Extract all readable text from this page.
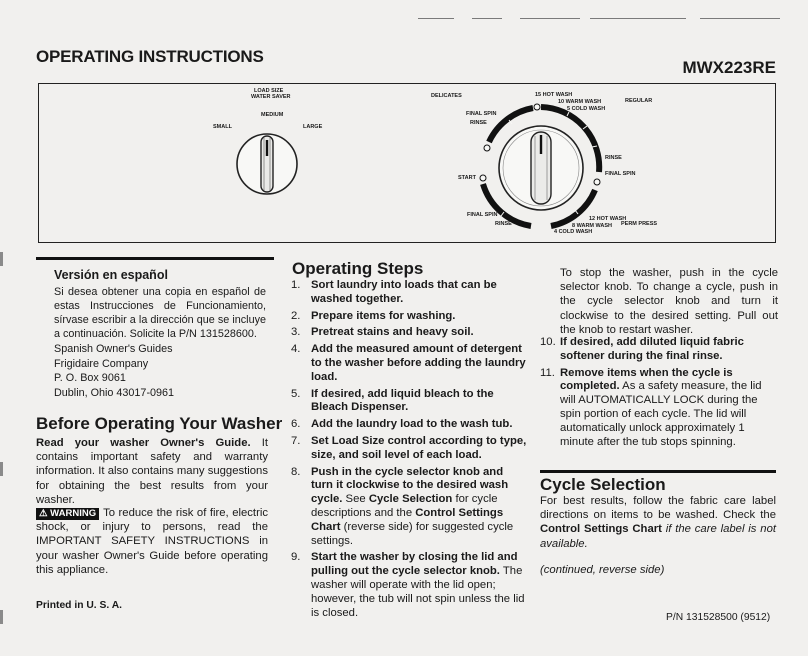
OPERATING INSTRUCTIONS
MWX223RE
LOAD SIZE
WATER SAVER
MEDIUM
SMALL	LARGE
DELICATES	15 HOT WASH
10 WARM WASH
5 COLD WASH
REGULAR
FINAL SPIN
RINSE
RINSE
FINAL SPIN
START
FINAL SPIN
RINSE
12 HOT WASH
8 WARM WASH
4 COLD WASH
PERM PRESS
Versión en español
Si desea obtener una copia en español de estas Instrucciones de Funcionamiento, sírvase escribir a la dirección que se incluye a continuación. Solicite la P/N 131528600.
Spanish Owner's Guides
Frigidaire Company
P. O. Box 9061
Dublin, Ohio 43017-0961
Before Operating Your Washer
Read your washer Owner's Guide. It contains important safety and warranty information. It also contains many suggestions for obtaining the best results from your washer.
⚠ WARNING To reduce the risk of fire, electric shock, or injury to persons, read the IMPORTANT SAFETY INSTRUCTIONS in your washer Owner's Guide before operating this appliance.
Printed in U. S. A.
Operating Steps
1. Sort laundry into loads that can be washed together.
2. Prepare items for washing.
3. Pretreat stains and heavy soil.
4. Add the measured amount of detergent to the washer before adding the laundry load.
5. If desired, add liquid bleach to the Bleach Dispenser.
6. Add the laundry load to the wash tub.
7. Set Load Size control according to type, size, and soil level of each load.
8. Push in the cycle selector knob and turn it clockwise to the desired wash cycle. See Cycle Selection for cycle descriptions and the Control Settings Chart (reverse side) for suggested cycle settings.
9. Start the washer by closing the lid and pulling out the cycle selector knob. The washer will operate with the lid open; however, the tub will not spin unless the lid is closed.
To stop the washer, push in the cycle selector knob. To change a cycle, push in the cycle selector knob and turn it clockwise to the desired setting. Pull out the knob to restart washer.
10. If desired, add diluted liquid fabric softener during the final rinse.
11. Remove items when the cycle is completed. As a safety measure, the lid will AUTOMATICALLY LOCK during the spin portion of each cycle. The lid will automatically unlock approximately 1 minute after the tub stops spinning.
Cycle Selection
For best results, follow the fabric care label directions on items to be washed. Check the Control Settings Chart if the care label is not available.
(continued, reverse side)
P/N 131528500 (9512)
